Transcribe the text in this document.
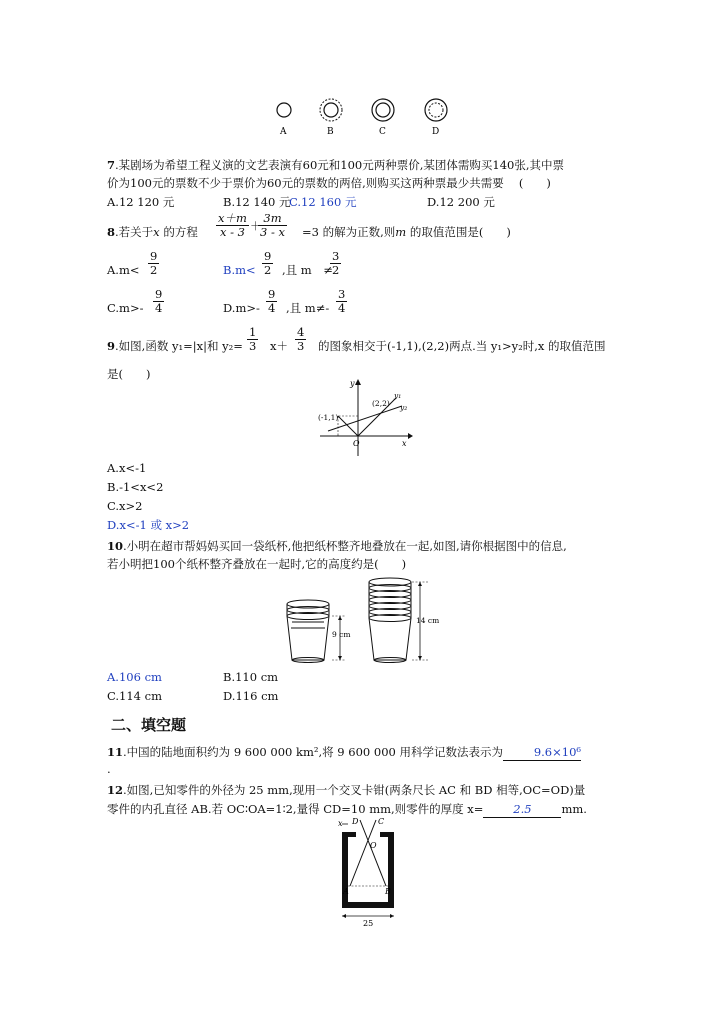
A	B	C	D
7.某剧场为希望工程义演的文艺表演有60元和100元两种票价,某团体需购买140张,其中票
价为100元的票数不少于票价为60元的票数的两倍,则购买这两种票最少共需要　 (　　)
A.12 120 元	B.12 140 元
C.12 160 元	D.12 200 元
8.若关于x 的方程 $\frac{x+m}{x - 3}$ ＋
$\frac{3m}{3 - x} =3$ 的解为正数,则m 的取值范围是(　　)
$A.m< \frac{9}{2}$	$B.m< \frac{9}{2}$ ,且 m　≠
$\frac{3}{2}$
$C.m>- \frac{9}{4}$	$D.m>- \frac{9}{4}$ ,且 $m\ne- \frac{3}{4}$
9.如图,函数 y₁=|x|和 $y_2= \frac{1}{3} x+ \frac{4}{3}$ 的图象相交于(-1,1),(2,2)两点.当 y₁>y₂时,x 的取值范围
是(　　)
y
x
O
(-1,1)
(2,2)
y₁
y₂
A.x<-1
B.-1<x<2
C.x>2
D.x<-1 或 x>2
10.小明在超市帮妈妈买回一袋纸杯,他把纸杯整齐地叠放在一起,如图,请你根据图中的信息,
若小明把100个纸杯整齐叠放在一起时,它的高度约是(　　)
9 cm
14 cm
A.106 cm	B.110 cm
C.114 cm	D.116 cm
二、填空题
11.中国的陆地面积约为 9 600 000 km²,将 9 600 000 用科学记数法表示为	9.6×10⁶
.
12.如图,已知零件的外径为 25 mm,现用一个交叉卡钳(两条尺长 AC 和 BD 相等,OC=OD)量
零件的内孔直径 AB.若 OC∶OA=1∶2,量得 CD=10 mm,则零件的厚度 x=	2.5	mm.
x D C
O
A	B
25
